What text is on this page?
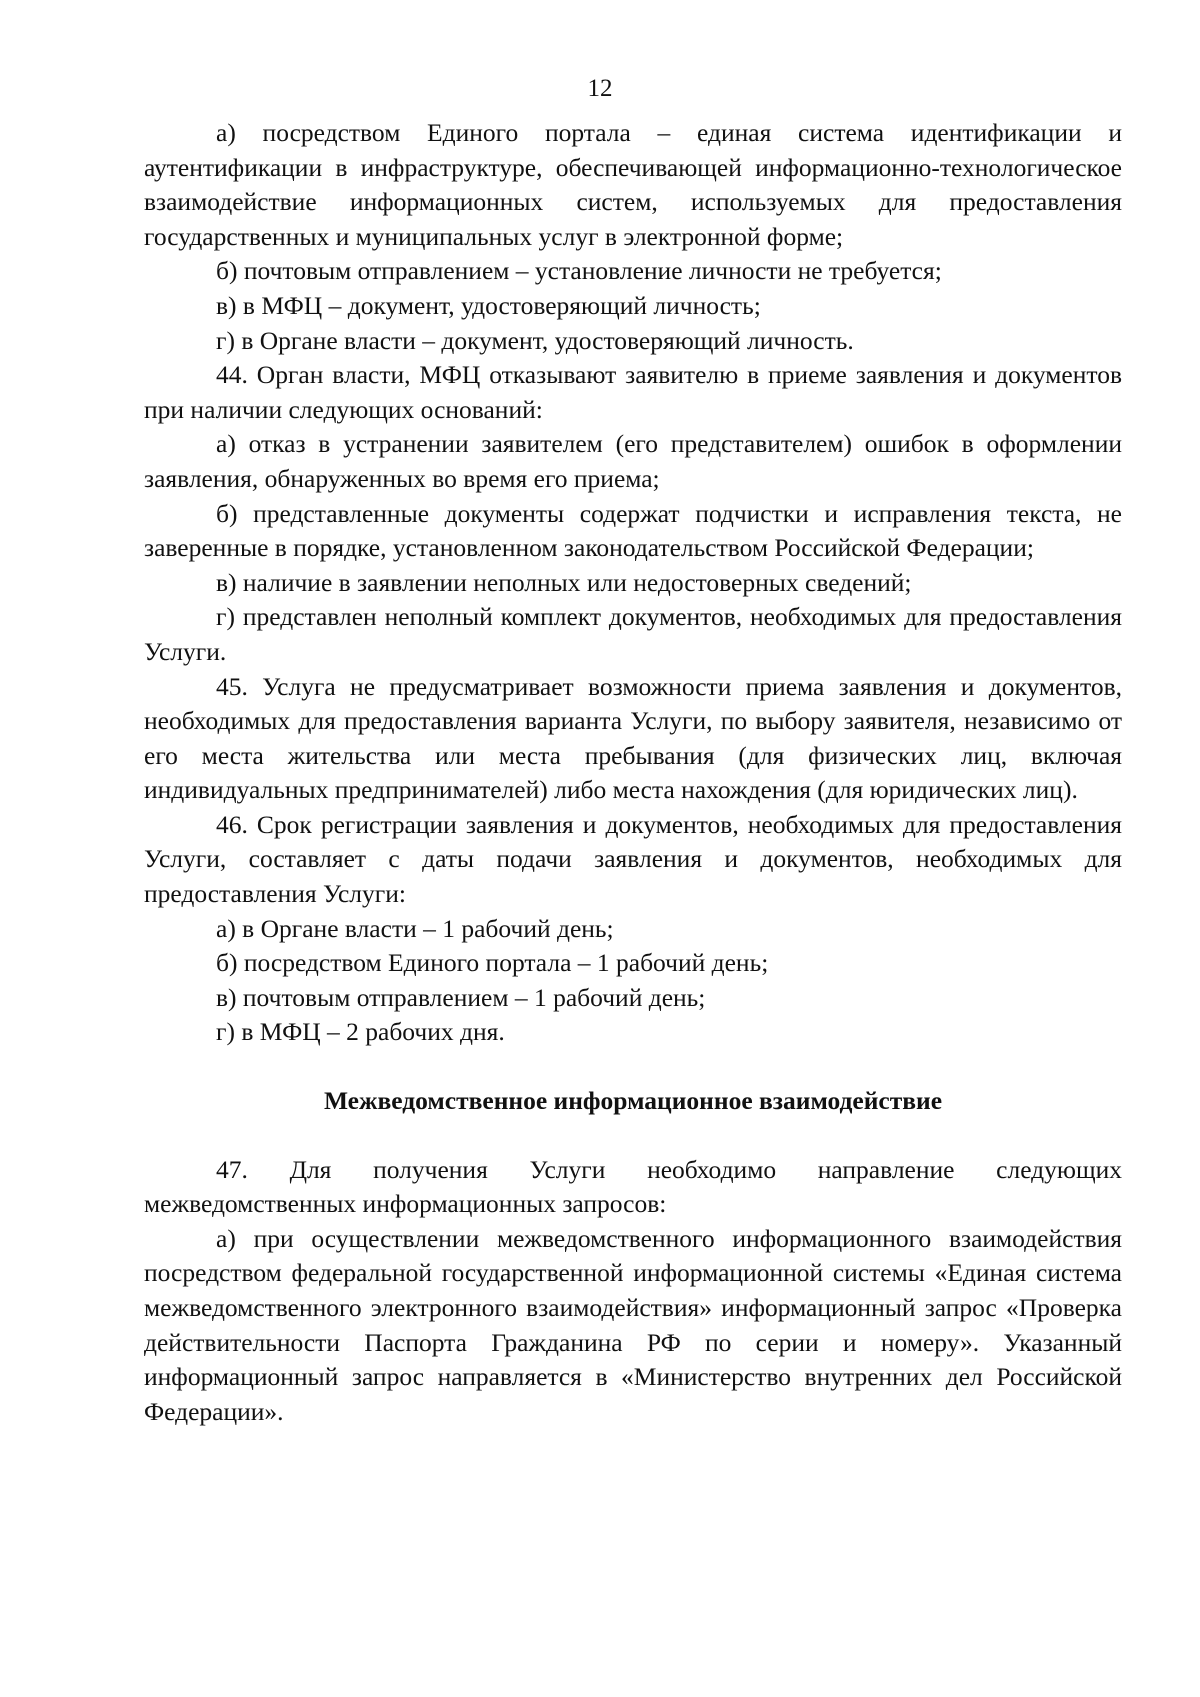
12

а) посредством Единого портала – единая система идентификации и аутентификации в инфраструктуре, обеспечивающей информационно-технологическое взаимодействие информационных систем, используемых для предоставления государственных и муниципальных услуг в электронной форме;

б) почтовым отправлением – установление личности не требуется;

в) в МФЦ – документ, удостоверяющий личность;

г) в Органе власти – документ, удостоверяющий личность.

44. Орган власти, МФЦ отказывают заявителю в приеме заявления и документов при наличии следующих оснований:

а) отказ в устранении заявителем (его представителем) ошибок в оформлении заявления, обнаруженных во время его приема;

б) представленные документы содержат подчистки и исправления текста, не заверенные в порядке, установленном законодательством Российской Федерации;

в) наличие в заявлении неполных или недостоверных сведений;

г) представлен неполный комплект документов, необходимых для предоставления Услуги.

45. Услуга не предусматривает возможности приема заявления и документов, необходимых для предоставления варианта Услуги, по выбору заявителя, независимо от его места жительства или места пребывания (для физических лиц, включая индивидуальных предпринимателей) либо места нахождения (для юридических лиц).

46. Срок регистрации заявления и документов, необходимых для предоставления Услуги, составляет с даты подачи заявления и документов, необходимых для предоставления Услуги:

а) в Органе власти – 1 рабочий день;

б) посредством Единого портала – 1 рабочий день;

в) почтовым отправлением – 1 рабочий день;

г) в МФЦ – 2 рабочих дня.

Межведомственное информационное взаимодействие

47. Для получения Услуги необходимо направление следующих межведомственных информационных запросов:

а) при осуществлении межведомственного информационного взаимодействия посредством федеральной государственной информационной системы «Единая система межведомственного электронного взаимодействия» информационный запрос «Проверка действительности Паспорта Гражданина РФ по серии и номеру». Указанный информационный запрос направляется в «Министерство внутренних дел Российской Федерации».
